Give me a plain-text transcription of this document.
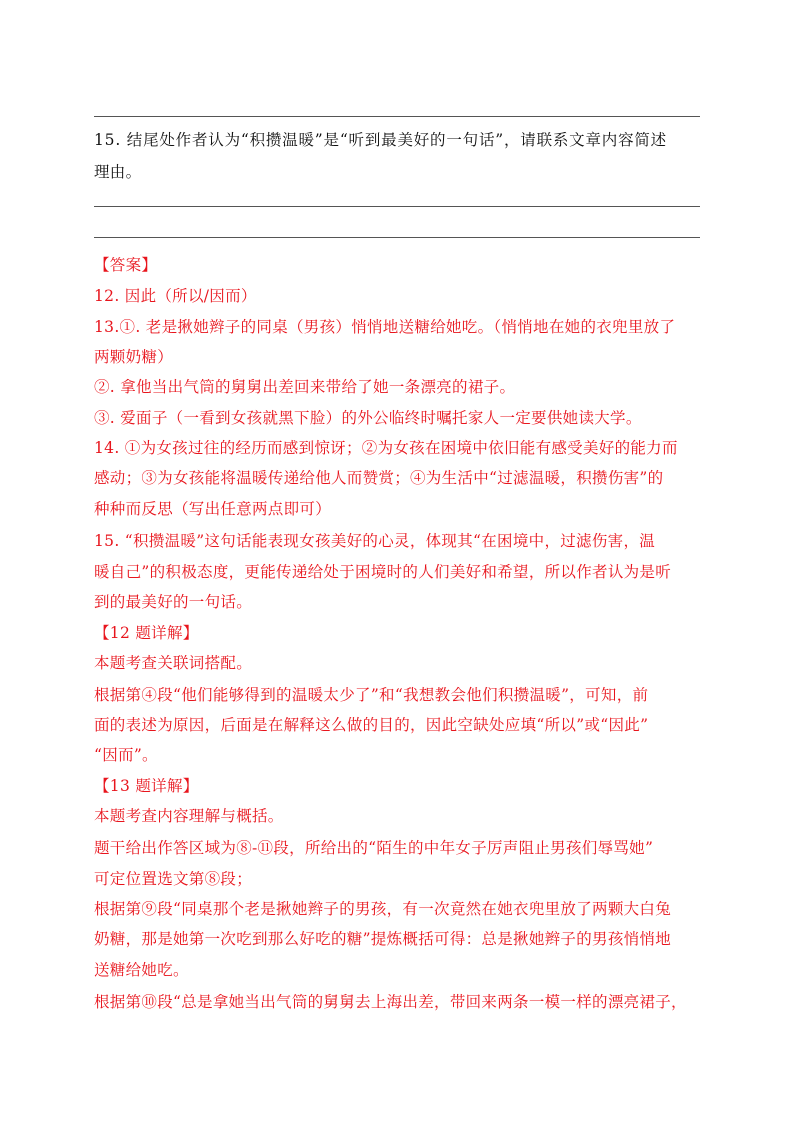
15. 结尾处作者认为“积攒温暖”是“听到最美好的一句话”，请联系文章内容简述
理由。
【答案】
12. 因此（所以/因而）
13.①. 老是揪她辫子的同桌（男孩）悄悄地送糖给她吃。（悄悄地在她的衣兜里放了
两颗奶糖）
②. 拿他当出气筒的舅舅出差回来带给了她一条漂亮的裙子。
③. 爱面子（一看到女孩就黑下脸）的外公临终时嘱托家人一定要供她读大学。
14. ①为女孩过往的经历而感到惊讶；②为女孩在困境中依旧能有感受美好的能力而
感动；③为女孩能将温暖传递给他人而赞赏；④为生活中“过滤温暖，积攒伤害”的
种种而反思（写出任意两点即可）
15. “积攒温暖”这句话能表现女孩美好的心灵，体现其“在困境中，过滤伤害，温
暖自己”的积极态度，更能传递给处于困境时的人们美好和希望，所以作者认为是听
到的最美好的一句话。
【12 题详解】
本题考查关联词搭配。
根据第④段“他们能够得到的温暖太少了”和“我想教会他们积攒温暖”，可知，前
面的表述为原因，后面是在解释这么做的目的，因此空缺处应填“所以”或“因此”
“因而”。
【13 题详解】
本题考查内容理解与概括。
题干给出作答区域为⑧-⑪段，所给出的“陌生的中年女子厉声阻止男孩们辱骂她”
可定位置选文第⑧段；
根据第⑨段“同桌那个老是揪她辫子的男孩，有一次竟然在她衣兜里放了两颗大白兔
奶糖，那是她第一次吃到那么好吃的糖”提炼概括可得：总是揪她辫子的男孩悄悄地
送糖给她吃。
根据第⑩段“总是拿她当出气筒的舅舅去上海出差，带回来两条一模一样的漂亮裙子，
